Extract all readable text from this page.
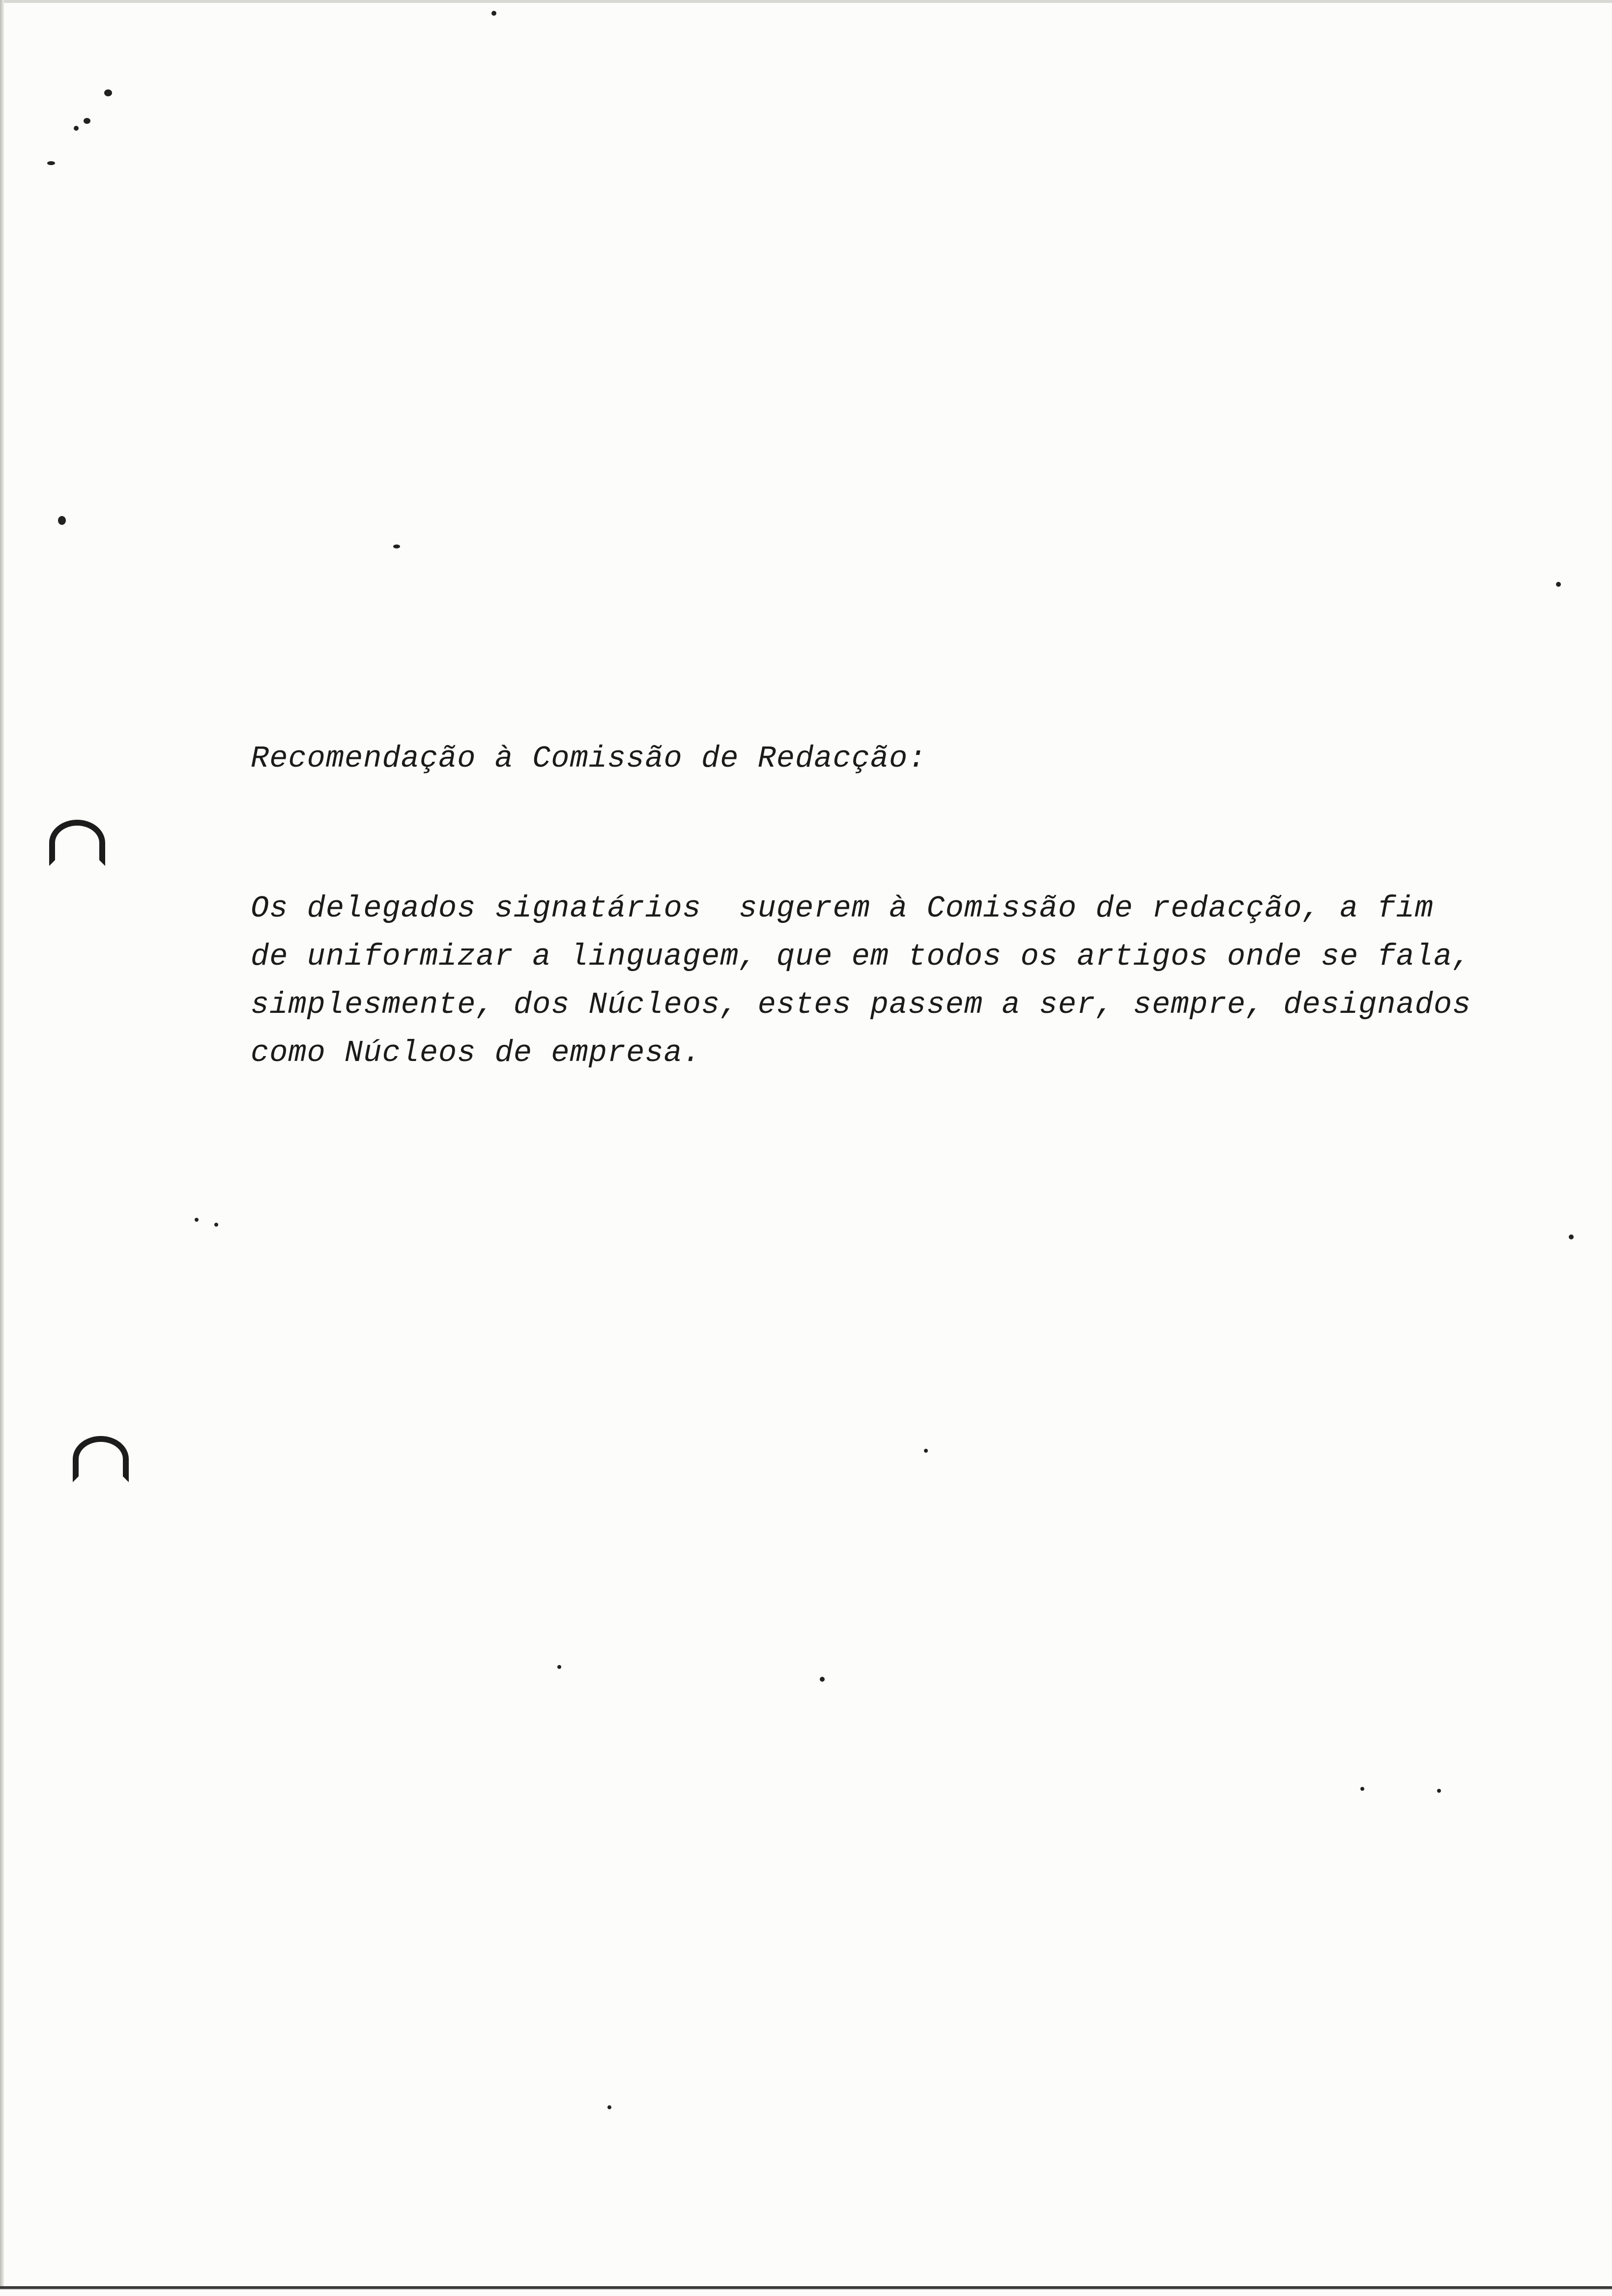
Recomendação à Comissão de Redacção:
Os delegados signatários  sugerem à Comissão de redacção, a fim
de uniformizar a linguagem, que em todos os artigos onde se fala,
simplesmente, dos Núcleos, estes passem a ser, sempre, designados
como Núcleos de empresa.
